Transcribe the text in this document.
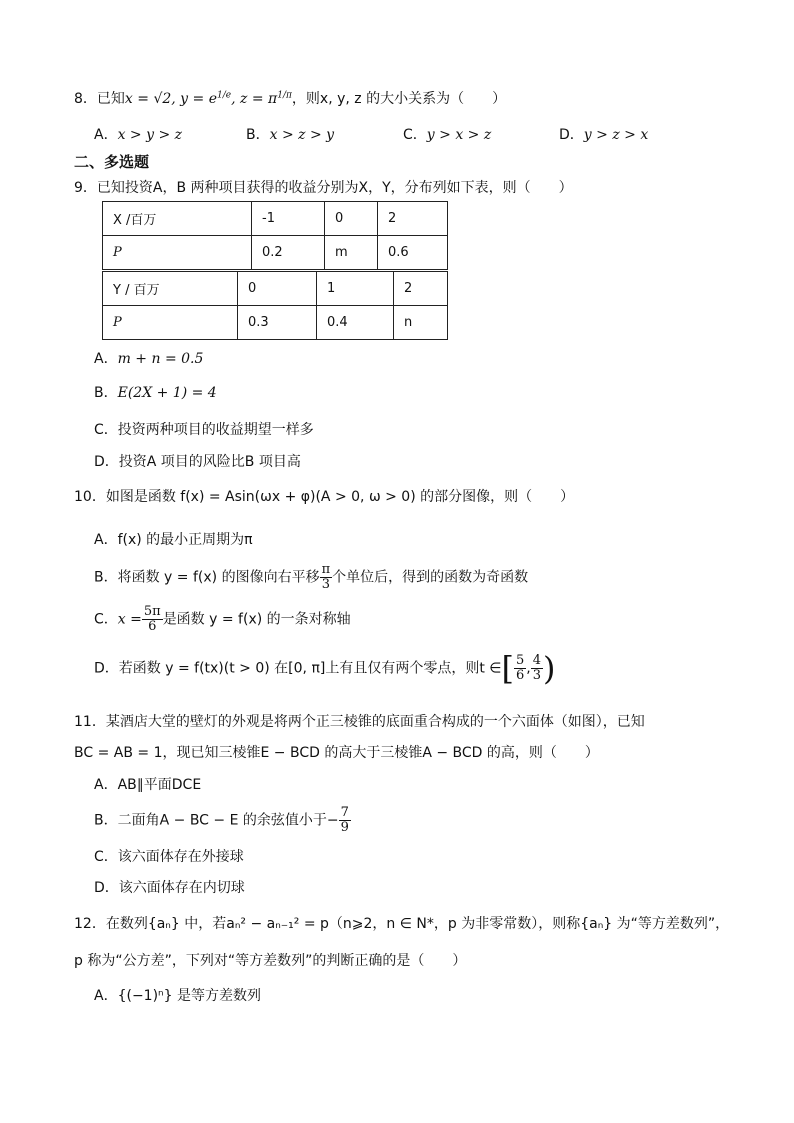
8．已知x = √2, $y = e^{1/e}$, $z = \pi^{1/\pi}$，则x, y, z 的大小关系为（　　）
A．x > y > z	B．x > z > y	C．y > x > z	D．y > z > x
二、多选题
9．已知投资A，B 两种项目获得的收益分别为X，Y，分布列如下表，则（　　）
X /百万	-1	0	2
P	0.2	m	0.6
Y / 百万	0	1	2
P	0.3	0.4	n
A．m + n = 0.5
B．E(2X + 1) = 4
C．投资两种项目的收益期望一样多
D．投资A 项目的风险比B 项目高
10．如图是函数 f(x) = Asin(ωx + φ)(A > 0, ω > 0) 的部分图像，则（　　）
A．f(x) 的最小正周期为π
B．将函数 y = f(x) 的图像向右平移 $\frac{\pi}{3}$ 个单位后，得到的函数为奇函数
C．$x = \frac{5\pi}{6}$ 是函数 y = f(x) 的一条对称轴
D．若函数 y = f(tx)(t > 0) 在[0, π]上有且仅有两个零点，则t ∈[ $\frac{5}{6}$ , $\frac{4}{3}$ )
11．某酒店大堂的壁灯的外观是将两个正三棱锥的底面重合构成的一个六面体（如图），已知
BC = AB = 1，现已知三棱锥E − BCD 的高大于三棱锥A − BCD 的高，则（　　）
A．AB∥平面DCE
B．二面角A − BC − E 的余弦值小于− $\frac{7}{9}$
C．该六面体存在外接球
D．该六面体存在内切球
12．在数列{aₙ} 中，若aₙ² − aₙ₋₁² = p（n⩾2，n ∈ N*，p 为非零常数），则称{aₙ} 为“等方差数列”，
p 称为“公方差”，下列对“等方差数列”的判断正确的是（　　）
A．{(−1)ⁿ} 是等方差数列
